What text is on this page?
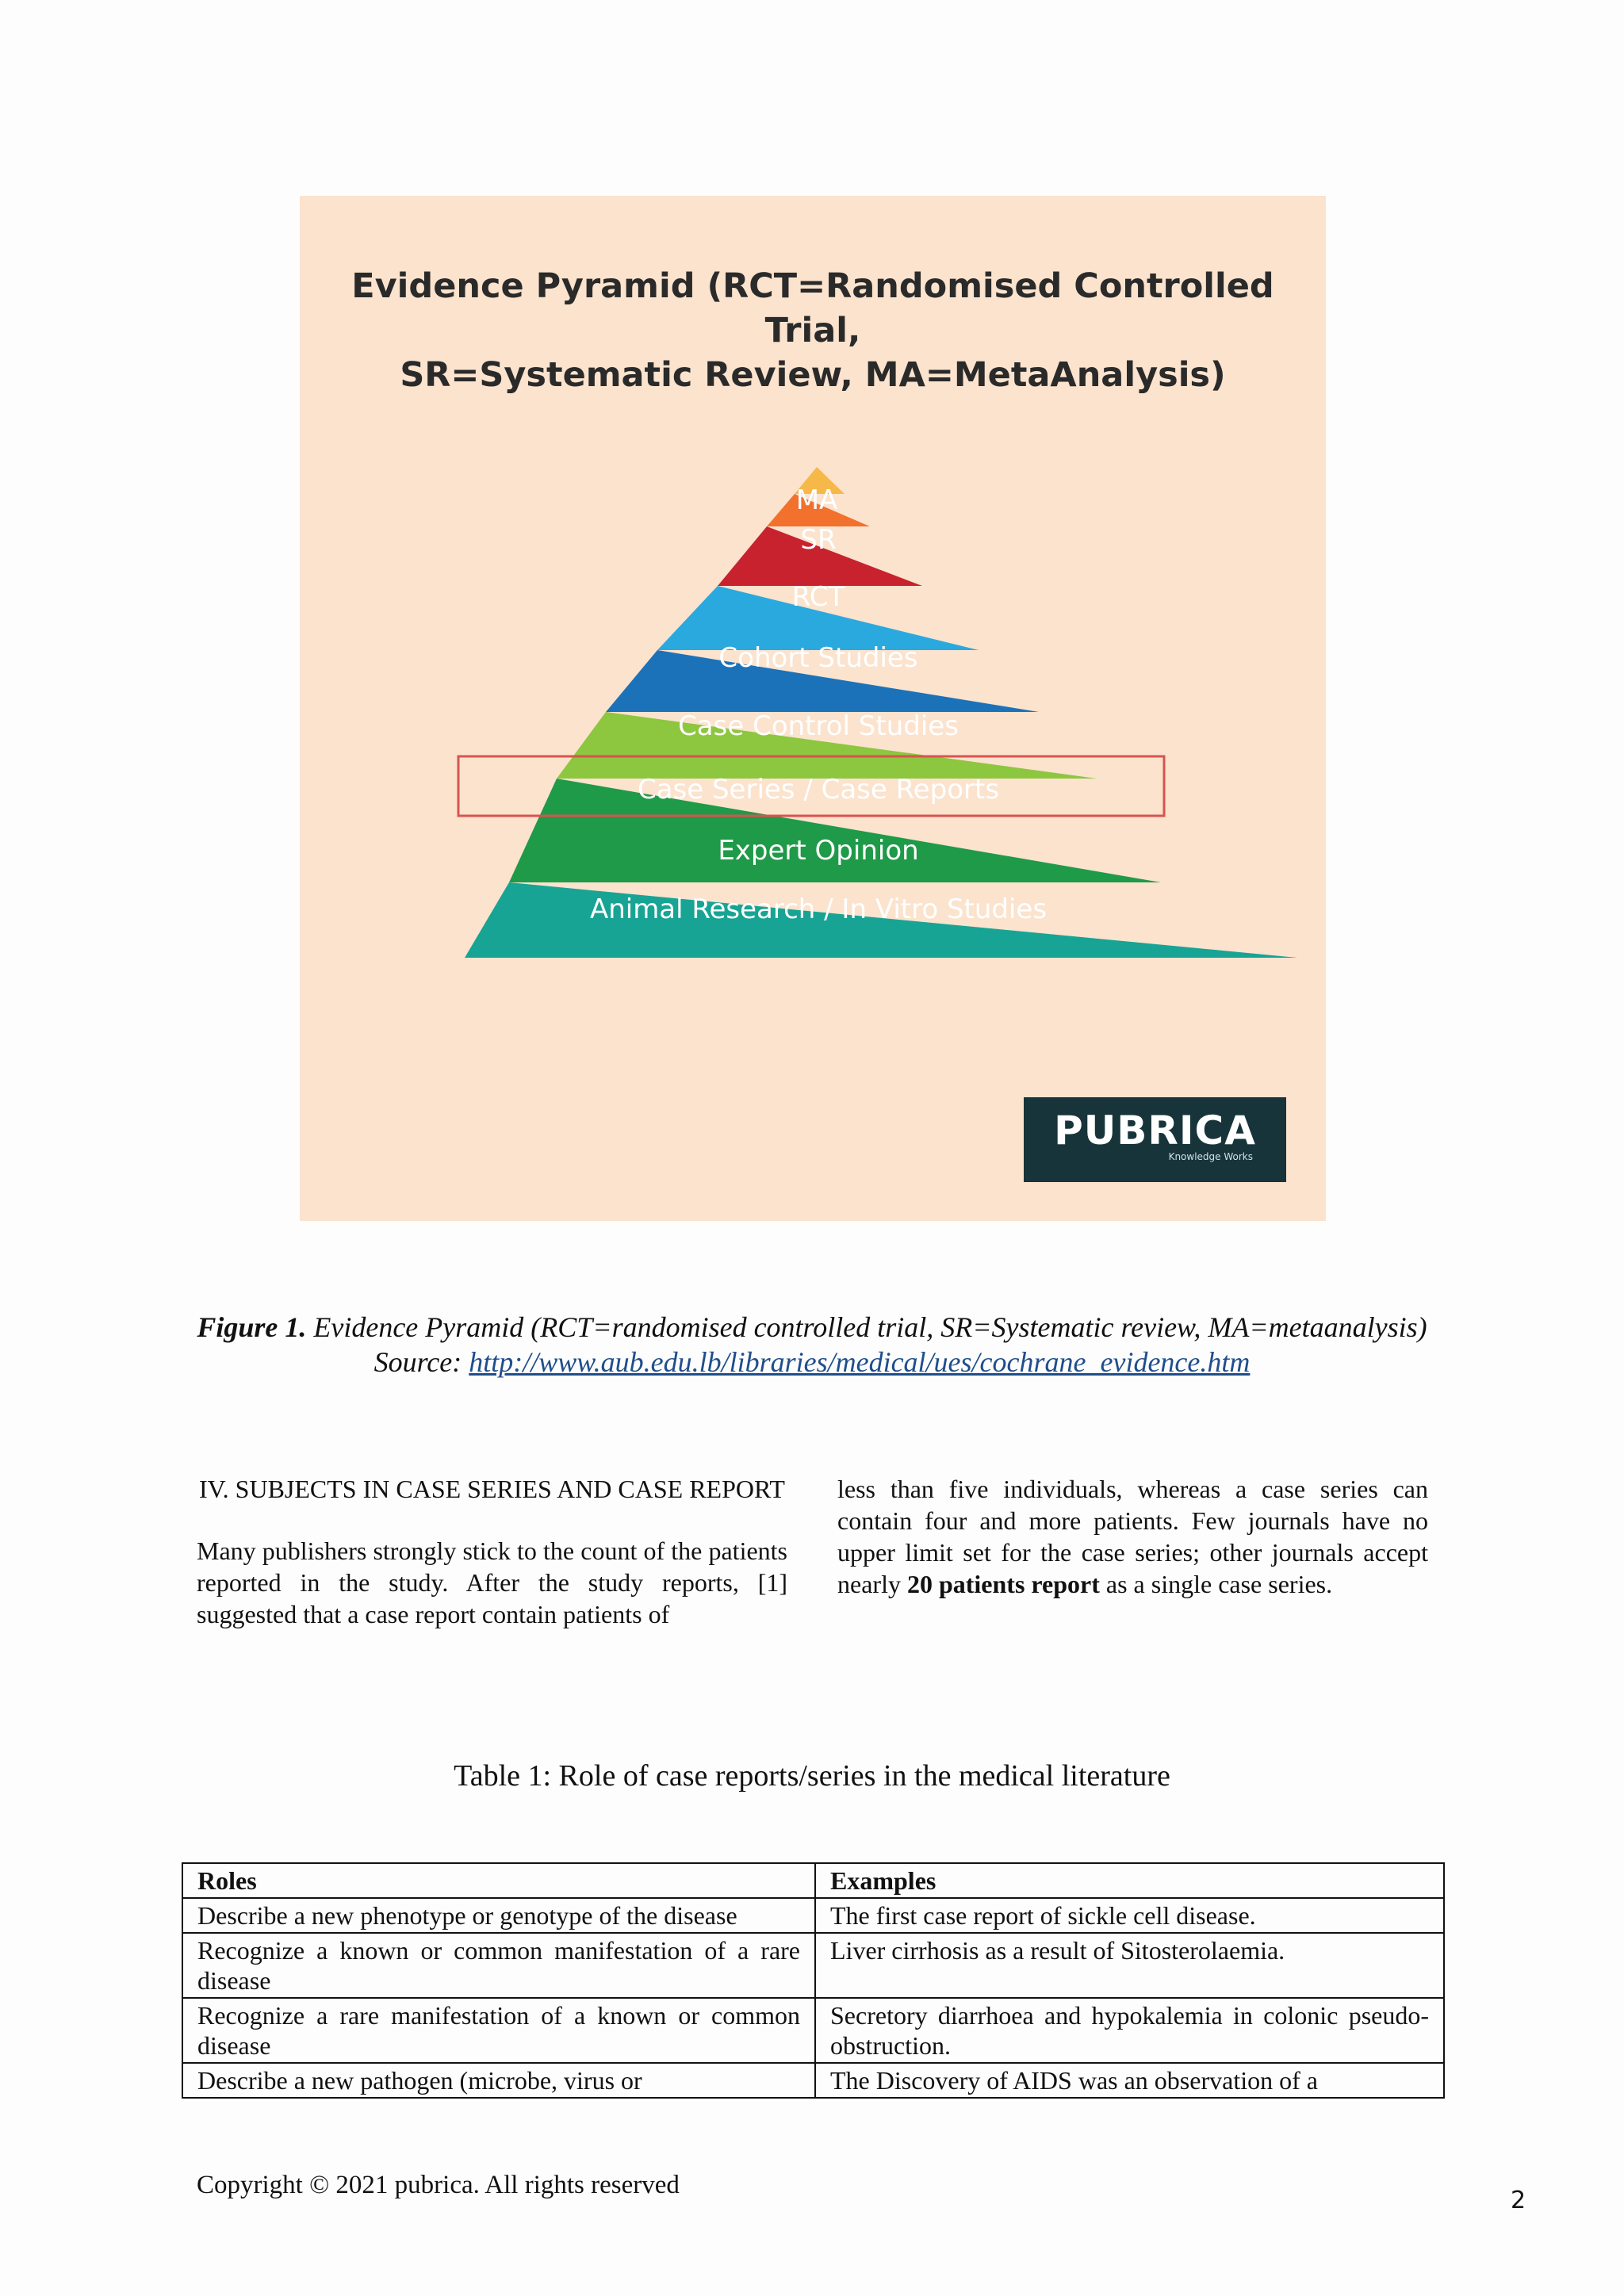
Evidence Pyramid (RCT=Randomised Controlled Trial,
SR=Systematic Review, MA=MetaAnalysis)
MA
SR
RCT
Cohort Studies
Case Control Studies
Case Series / Case Reports
Expert Opinion
Animal Research / In Vitro Studies
PUBRICA
Knowledge Works
Figure 1. Evidence Pyramid (RCT=randomised controlled trial, SR=Systematic review, MA=metaanalysis) Source: http://www.aub.edu.lb/libraries/medical/ues/cochrane_evidence.htm
IV. SUBJECTS IN CASE SERIES AND CASE REPORT

Many publishers strongly stick to the count of the patients reported in the study. After the study reports, [1] suggested that a case report contain patients of

less than five individuals, whereas a case series can contain four and more patients. Few journals have no upper limit set for the case series; other journals accept nearly 20 patients report as a single case series.

Table 1: Role of case reports/series in the medical literature
Roles	Examples
Describe a new phenotype or genotype of the disease	The first case report of sickle cell disease.
Recognize a known or common manifestation of a rare disease	Liver cirrhosis as a result of Sitosterolaemia.
Recognize a rare manifestation of a known or common disease	Secretory diarrhoea and hypokalemia in colonic pseudo-obstruction.
Describe a new pathogen (microbe, virus or	The Discovery of AIDS was an observation of a
Copyright © 2021 pubrica. All rights reserved
2
